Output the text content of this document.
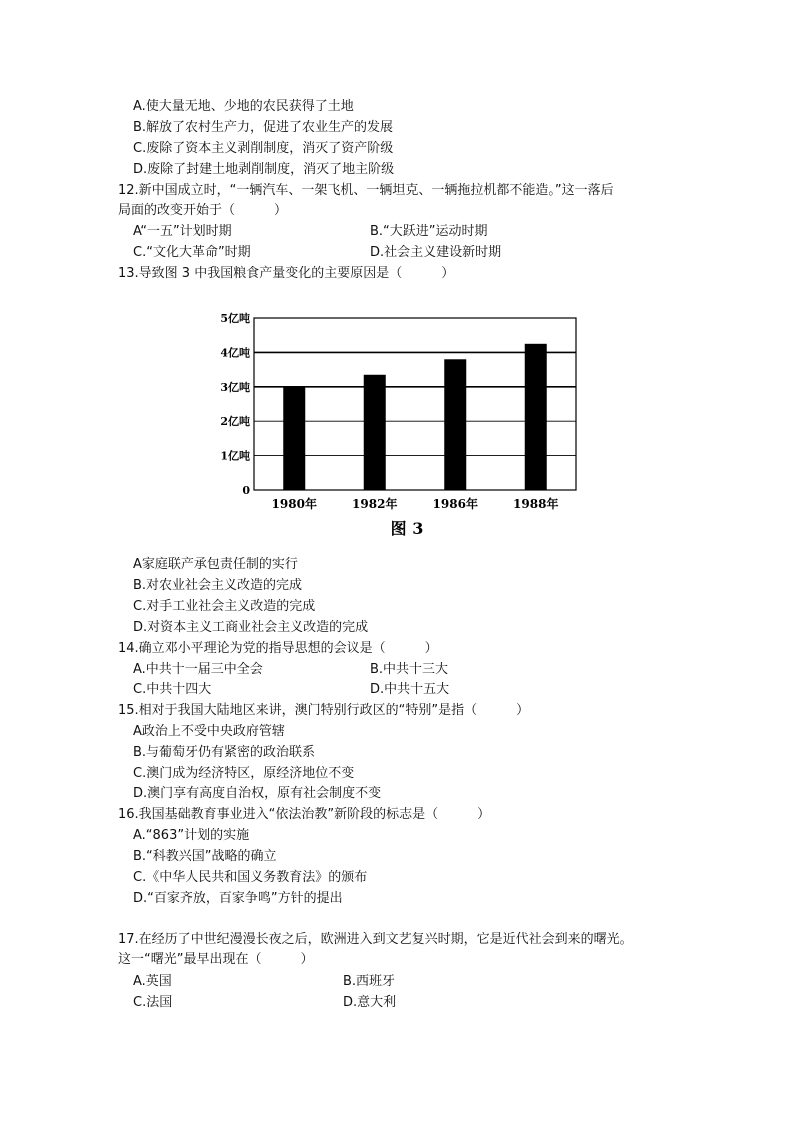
A.使大量无地、少地的农民获得了土地
B.解放了农村生产力，促进了农业生产的发展
C.废除了资本主义剥削制度，消灭了资产阶级
D.废除了封建土地剥削制度，消灭了地主阶级
12.新中国成立时，“一辆汽车、一架飞机、一辆坦克、一辆拖拉机都不能造。”这一落后
局面的改变开始于（　　　）
A“一五”计划时期	B.“大跃进”运动时期
C.“文化大革命”时期	D.社会主义建设新时期
13.导致图 3 中我国粮食产量变化的主要原因是（　　　）
0
1亿吨
2亿吨
3亿吨
4亿吨
5亿吨
1980年	1982年	1986年	1988年
图 3
A家庭联产承包责任制的实行
B.对农业社会主义改造的完成
C.对手工业社会主义改造的完成
D.对资本主义工商业社会主义改造的完成
14.确立邓小平理论为党的指导思想的会议是（　　　）
A.中共十一届三中全会	B.中共十三大
C.中共十四大	D.中共十五大
15.相对于我国大陆地区来讲，澳门特别行政区的“特别”是指（　　　）
A政治上不受中央政府管辖
B.与葡萄牙仍有紧密的政治联系
C.澳门成为经济特区，原经济地位不变
D.澳门享有高度自治权，原有社会制度不变
16.我国基础教育事业进入“依法治教”新阶段的标志是（　　　）
A.“863”计划的实施
B.“科教兴国”战略的确立
C.《中华人民共和国义务教育法》的颁布
D.“百家齐放，百家争鸣”方针的提出
17.在经历了中世纪漫漫长夜之后，欧洲进入到文艺复兴时期，它是近代社会到来的曙光。
这一“曙光”最早出现在（　　　）
A.英国	B.西班牙
C.法国	D.意大利
